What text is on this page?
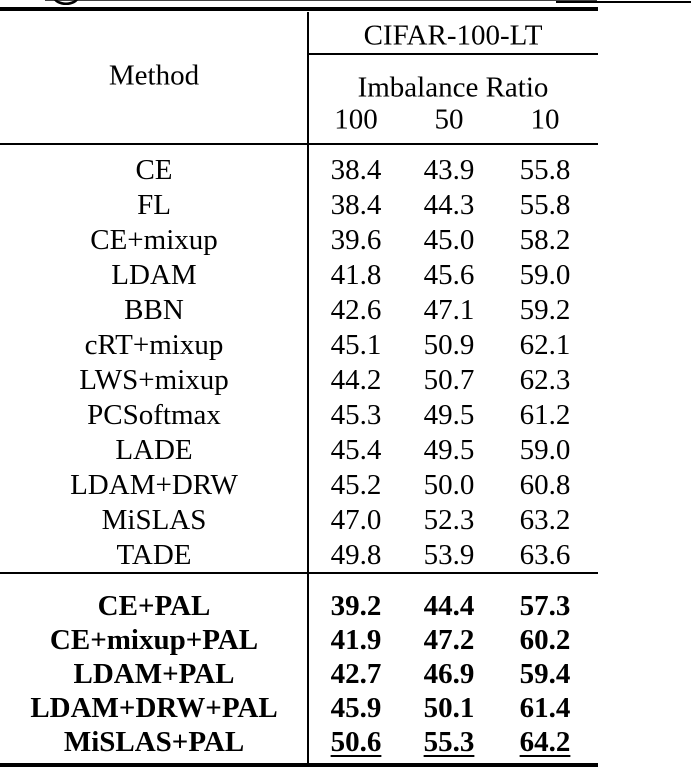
Method
CIFAR-100-LT
Imbalance Ratio
100 50 10
CE	38.4	43.9	55.8
FL	38.4	44.3	55.8
CE+mixup	39.6	45.0	58.2
LDAM	41.8	45.6	59.0
BBN	42.6	47.1	59.2
cRT+mixup	45.1	50.9	62.1
LWS+mixup	44.2	50.7	62.3
PCSoftmax	45.3	49.5	61.2
LADE	45.4	49.5	59.0
LDAM+DRW	45.2	50.0	60.8
MiSLAS	47.0	52.3	63.2
TADE	49.8	53.9	63.6
CE+PAL	39.2	44.4	57.3
CE+mixup+PAL	41.9	47.2	60.2
LDAM+PAL	42.7	46.9	59.4
LDAM+DRW+PAL	45.9	50.1	61.4
MiSLAS+PAL	50.6	55.3	64.2
